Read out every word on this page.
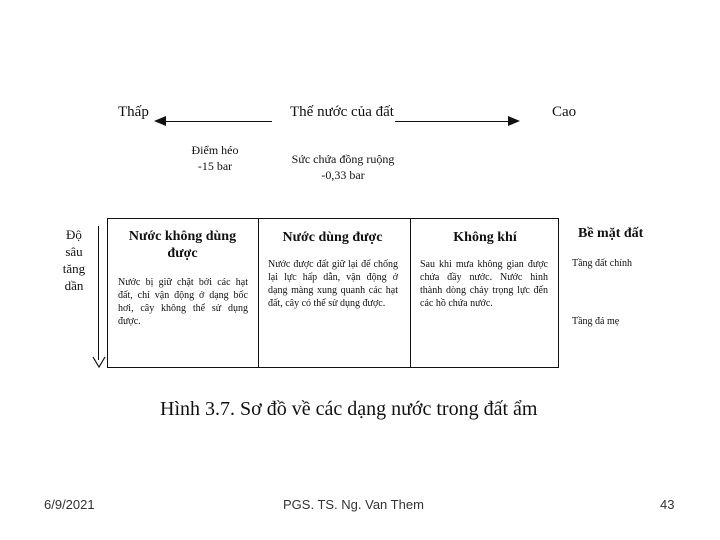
Thấp	Thế nước của đất	Cao
Điểm héo
-15 bar	Sức chứa đồng ruộng
-0,33 bar
Độ
sâu
tăng
dần
Nước không dùng được
Nước bị giữ chặt bởi các hạt đất, chỉ vận động ở dạng bốc hơi, cây không thể sử dụng được.
Nước dùng được
Nước được đất giữ lại để chống lại lực hấp dẫn, vận động ở dạng màng xung quanh các hạt đất, cây có thể sử dụng được.
Không khí
Sau khi mưa không gian được chứa đầy nước. Nước hình thành dòng chảy trọng lực đến các hồ chứa nước.
Bề mặt đất
Tầng đất chính
Tầng đá mẹ
Hình 3.7. Sơ đồ về các dạng nước trong đất ẩm
6/9/2021	PGS. TS. Ng. Van Them	43
